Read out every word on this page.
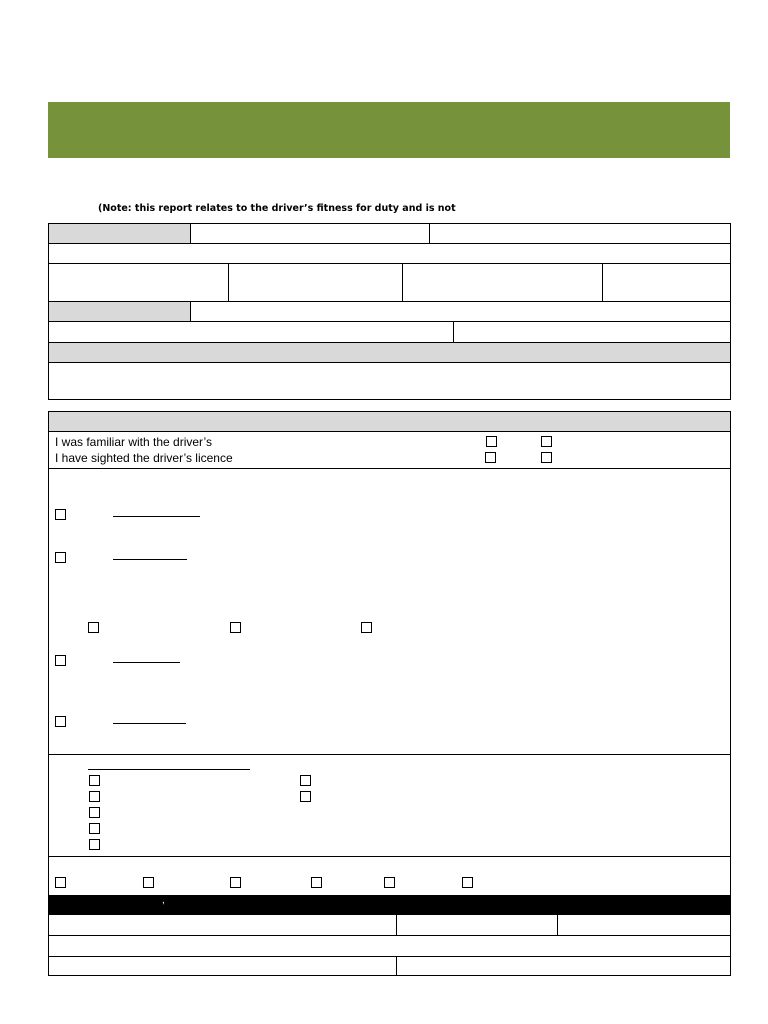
(Note: this report relates to the driver’s fitness for duty and is not
I was familiar with the driver’s
I have sighted the driver’s licence
,
